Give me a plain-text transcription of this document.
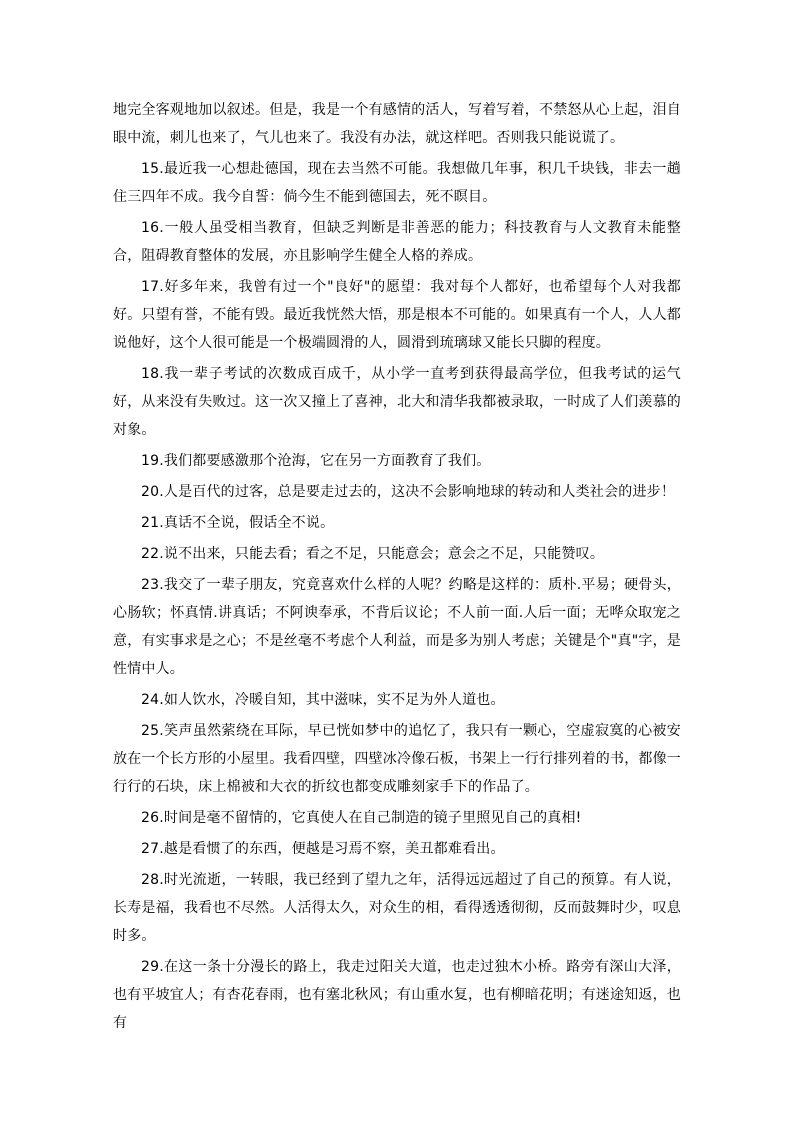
地完全客观地加以叙述。但是，我是一个有感情的活人，写着写着，不禁怒从心上起，泪自眼中流，刺儿也来了，气儿也来了。我没有办法，就这样吧。否则我只能说谎了。

15.最近我一心想赴德国，现在去当然不可能。我想做几年事，积几千块钱，非去一趟住三四年不成。我今自誓：倘今生不能到德国去，死不瞑目。

16.一般人虽受相当教育，但缺乏判断是非善恶的能力；科技教育与人文教育未能整合，阻碍教育整体的发展，亦且影响学生健全人格的养成。

17.好多年来，我曾有过一个"良好"的愿望：我对每个人都好，也希望每个人对我都好。只望有誉，不能有毁。最近我恍然大悟，那是根本不可能的。如果真有一个人，人人都说他好，这个人很可能是一个极端圆滑的人，圆滑到琉璃球又能长只脚的程度。

18.我一辈子考试的次数成百成千，从小学一直考到获得最高学位，但我考试的运气好，从来没有失败过。这一次又撞上了喜神，北大和清华我都被录取，一时成了人们羡慕的对象。

19.我们都要感激那个沧海，它在另一方面教育了我们。

20.人是百代的过客，总是要走过去的，这决不会影响地球的转动和人类社会的进步！

21.真话不全说，假话全不说。

22.说不出来，只能去看；看之不足，只能意会；意会之不足，只能赞叹。

23.我交了一辈子朋友，究竟喜欢什么样的人呢？约略是这样的：质朴.平易；硬骨头，心肠软；怀真情.讲真话；不阿谀奉承，不背后议论；不人前一面.人后一面；无哗众取宠之意，有实事求是之心；不是丝毫不考虑个人利益，而是多为别人考虑；关键是个"真"字，是性情中人。

24.如人饮水，冷暖自知，其中滋味，实不足为外人道也。

25.笑声虽然萦绕在耳际，早已恍如梦中的追忆了，我只有一颗心，空虚寂寞的心被安放在一个长方形的小屋里。我看四壁，四壁冰冷像石板，书架上一行行排列着的书，都像一行行的石块，床上棉被和大衣的折纹也都变成雕刻家手下的作品了。

26.时间是毫不留情的，它真使人在自己制造的镜子里照见自己的真相!

27.越是看惯了的东西，便越是习焉不察，美丑都难看出。

28.时光流逝，一转眼，我已经到了望九之年，活得远远超过了自己的预算。有人说，长寿是福，我看也不尽然。人活得太久，对众生的相，看得透透彻彻，反而鼓舞时少，叹息时多。

29.在这一条十分漫长的路上，我走过阳关大道，也走过独木小桥。路旁有深山大泽，也有平坡宜人；有杏花春雨，也有塞北秋风；有山重水复，也有柳暗花明；有迷途知返，也有
